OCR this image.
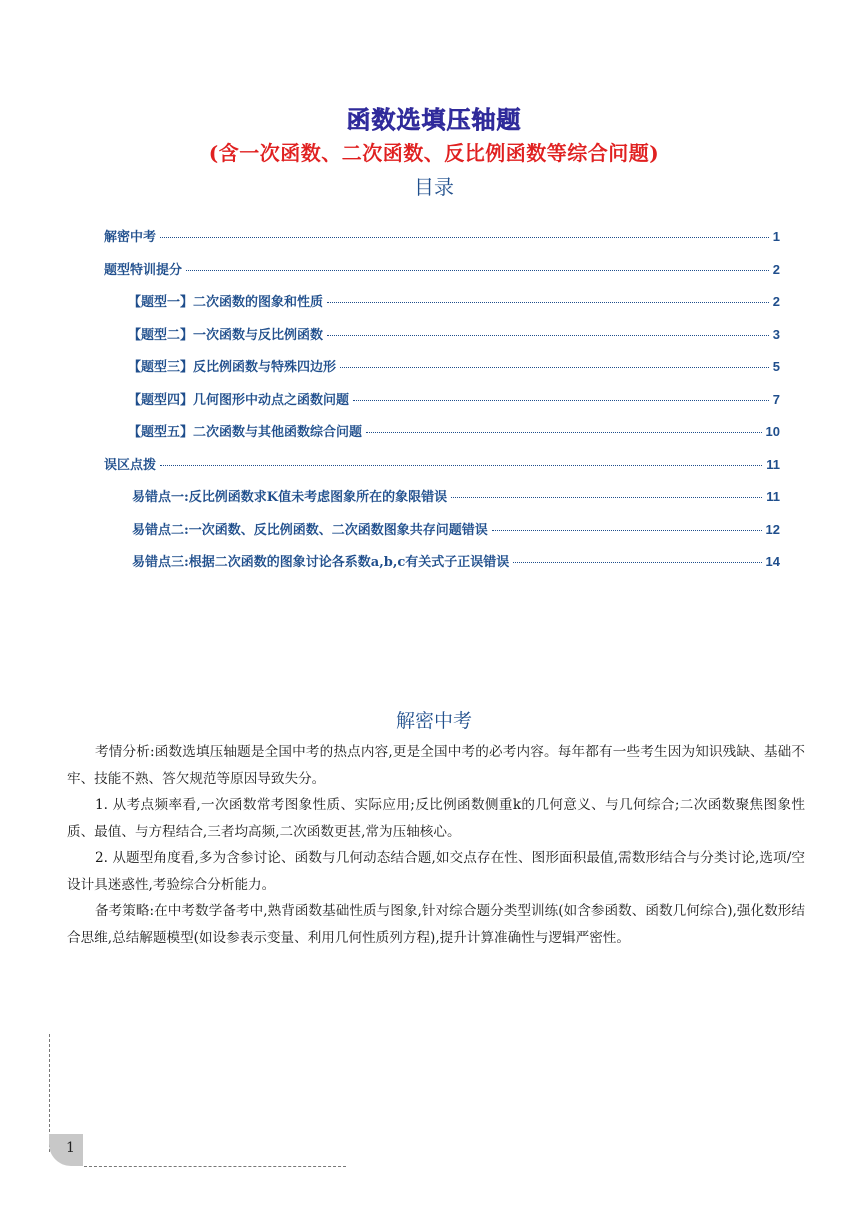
函数选填压轴题
(含一次函数、二次函数、反比例函数等综合问题)
目录
解密中考	1
题型特训提分	2
【题型一】二次函数的图象和性质	2
【题型二】一次函数与反比例函数	3
【题型三】反比例函数与特殊四边形	5
【题型四】几何图形中动点之函数问题	7
【题型五】二次函数与其他函数综合问题	10
误区点拨	11
易错点一:反比例函数求K值未考虑图象所在的象限错误	11
易错点二:一次函数、反比例函数、二次函数图象共存问题错误	12
易错点三:根据二次函数的图象讨论各系数a,b,c有关式子正误错误	14
解密中考

考情分析:函数选填压轴题是全国中考的热点内容,更是全国中考的必考内容。每年都有一些考生因为知识残缺、基础不牢、技能不熟、答欠规范等原因导致失分。

1. 从考点频率看,一次函数常考图象性质、实际应用;反比例函数侧重k的几何意义、与几何综合;二次函数聚焦图象性质、最值、与方程结合,三者均高频,二次函数更甚,常为压轴核心。

2. 从题型角度看,多为含参讨论、函数与几何动态结合题,如交点存在性、图形面积最值,需数形结合与分类讨论,选项/空设计具迷惑性,考验综合分析能力。

备考策略:在中考数学备考中,熟背函数基础性质与图象,针对综合题分类型训练(如含参函数、函数几何综合),强化数形结合思维,总结解题模型(如设参表示变量、利用几何性质列方程),提升计算准确性与逻辑严密性。

1
